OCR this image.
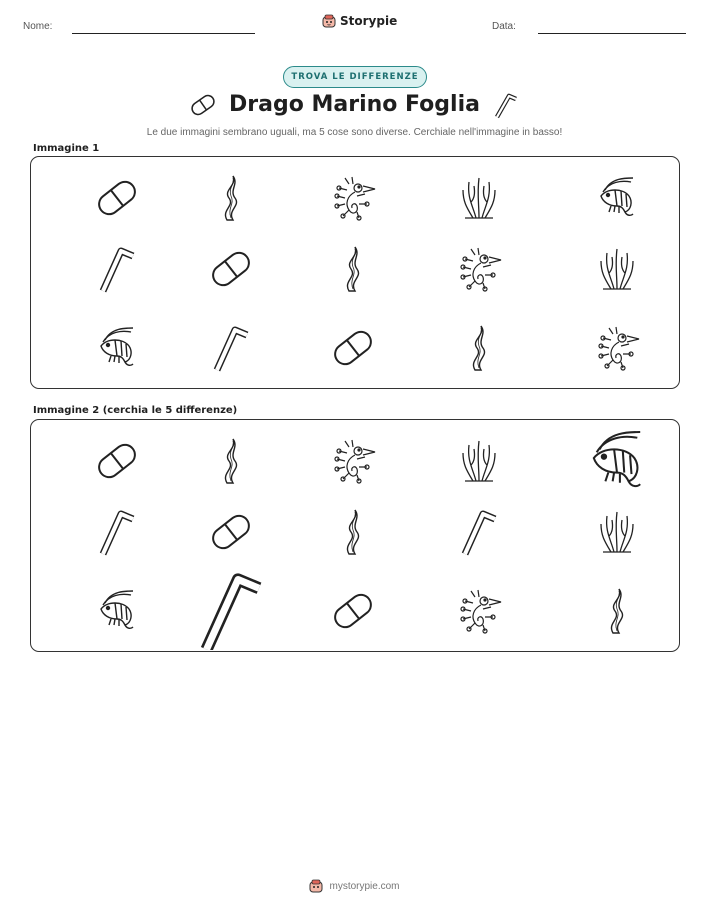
Nome:	Storypie	Data:
TROVA LE DIFFERENZE
Drago Marino Foglia
Le due immagini sembrano uguali, ma 5 cose sono diverse. Cerchiale nell'immagine in basso!
Immagine 1
Immagine 2 (cerchia le 5 differenze)
mystorypie.com
